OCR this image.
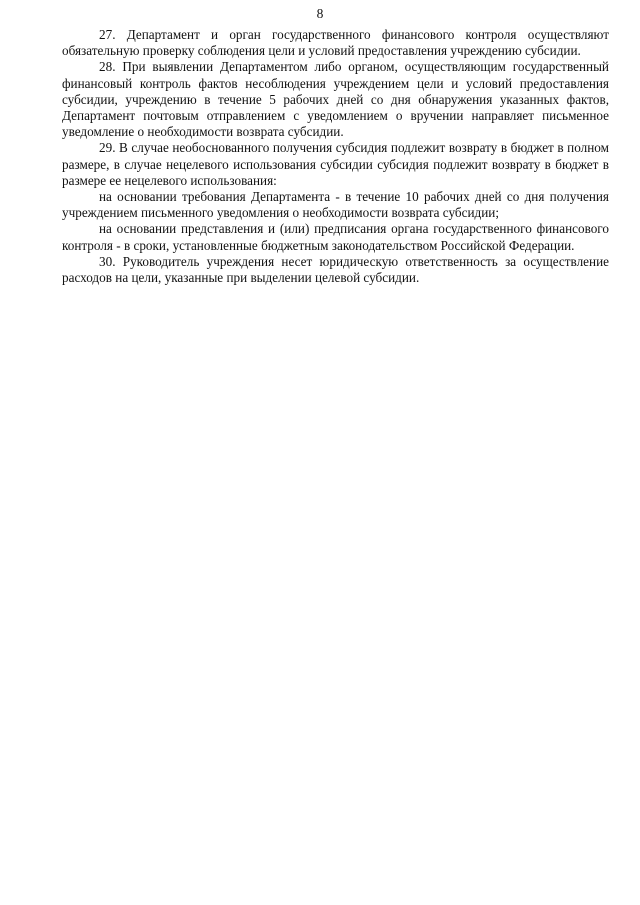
8

27. Департамент и орган государственного финансового контроля осуществляют обязательную проверку соблюдения цели и условий предоставления учреждению субсидии.

28. При выявлении Департаментом либо органом, осуществляющим государственный финансовый контроль фактов несоблюдения учреждением цели и условий предоставления субсидии, учреждению в течение 5 рабочих дней со дня обнаружения указанных фактов, Департамент почтовым отправлением с уведомлением о вручении направляет письменное уведомление о необходимости возврата субсидии.

29. В случае необоснованного получения субсидия подлежит возврату в бюджет в полном размере, в случае нецелевого использования субсидии субсидия подлежит возврату в бюджет в размере ее нецелевого использования:

на основании требования Департамента - в течение 10 рабочих дней со дня получения учреждением письменного уведомления о необходимости возврата субсидии;

на основании представления и (или) предписания органа государственного финансового контроля - в сроки, установленные бюджетным законодательством Российской Федерации.

30. Руководитель учреждения несет юридическую ответственность за осуществление расходов на цели, указанные при выделении целевой субсидии.
